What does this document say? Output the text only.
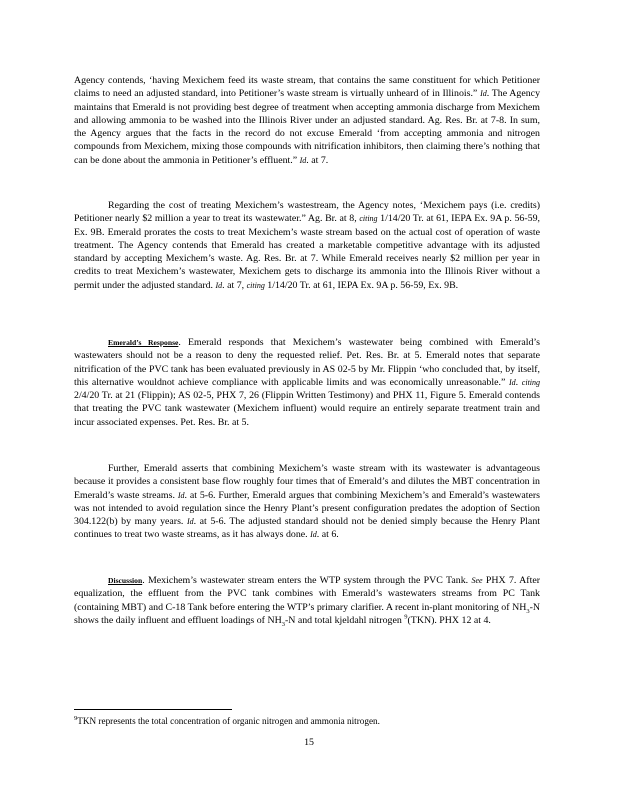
Agency contends, ‘having Mexichem feed its waste stream, that contains the same constituent for which Petitioner claims to need an adjusted standard, into Petitioner’s waste stream is virtually unheard of in Illinois.” Id. The Agency maintains that Emerald is not providing best degree of treatment when accepting ammonia discharge from Mexichem and allowing ammonia to be washed into the Illinois River under an adjusted standard. Ag. Res. Br. at 7-8. In sum, the Agency argues that the facts in the record do not excuse Emerald ‘from accepting ammonia and nitrogen compounds from Mexichem, mixing those compounds with nitrification inhibitors, then claiming there’s nothing that can be done about the ammonia in Petitioner’s effluent.” Id. at 7.

Regarding the cost of treating Mexichem’s wastestream, the Agency notes, ‘Mexichem pays (i.e. credits) Petitioner nearly $2 million a year to treat its wastewater.” Ag. Br. at 8, citing 1/14/20 Tr. at 61, IEPA Ex. 9A p. 56-59, Ex. 9B. Emerald prorates the costs to treat Mexichem’s waste stream based on the actual cost of operation of waste treatment. The Agency contends that Emerald has created a marketable competitive advantage with its adjusted standard by accepting Mexichem’s waste. Ag. Res. Br. at 7. While Emerald receives nearly $2 million per year in credits to treat Mexichem’s wastewater, Mexichem gets to discharge its ammonia into the Illinois River without a permit under the adjusted standard. Id. at 7, citing 1/14/20 Tr. at 61, IEPA Ex. 9A p. 56-59, Ex. 9B.

Emerald’s Response. Emerald responds that Mexichem’s wastewater being combined with Emerald’s wastewaters should not be a reason to deny the requested relief. Pet. Res. Br. at 5. Emerald notes that separate nitrification of the PVC tank has been evaluated previously in AS 02-5 by Mr. Flippin ‘who concluded that, by itself, this alternative wouldnot achieve compliance with applicable limits and was economically unreasonable.” Id. citing 2/4/20 Tr. at 21 (Flippin); AS 02-5, PHX 7, 26 (Flippin Written Testimony) and PHX 11, Figure 5. Emerald contends that treating the PVC tank wastewater (Mexichem influent) would require an entirely separate treatment train and incur associated expenses. Pet. Res. Br. at 5.

Further, Emerald asserts that combining Mexichem’s waste stream with its wastewater is advantageous because it provides a consistent base flow roughly four times that of Emerald’s and dilutes the MBT concentration in Emerald’s waste streams. Id. at 5-6. Further, Emerald argues that combining Mexichem’s and Emerald’s wastewaters was not intended to avoid regulation since the Henry Plant’s present configuration predates the adoption of Section 304.122(b) by many years. Id. at 5-6. The adjusted standard should not be denied simply because the Henry Plant continues to treat two waste streams, as it has always done. Id. at 6.

Discussion. Mexichem’s wastewater stream enters the WTP system through the PVC Tank. See PHX 7. After equalization, the effluent from the PVC tank combines with Emerald’s wastewaters streams from PC Tank (containing MBT) and C-18 Tank before entering the WTP’s primary clarifier. A recent in-plant monitoring of $NH_3-N$ shows the daily influent and effluent loadings of $NH_3-N$ and total kjeldahl nitrogen $^9$(TKN). PHX 12 at 4.

$^9$TKN represents the total concentration of organic nitrogen and ammonia nitrogen.
15
